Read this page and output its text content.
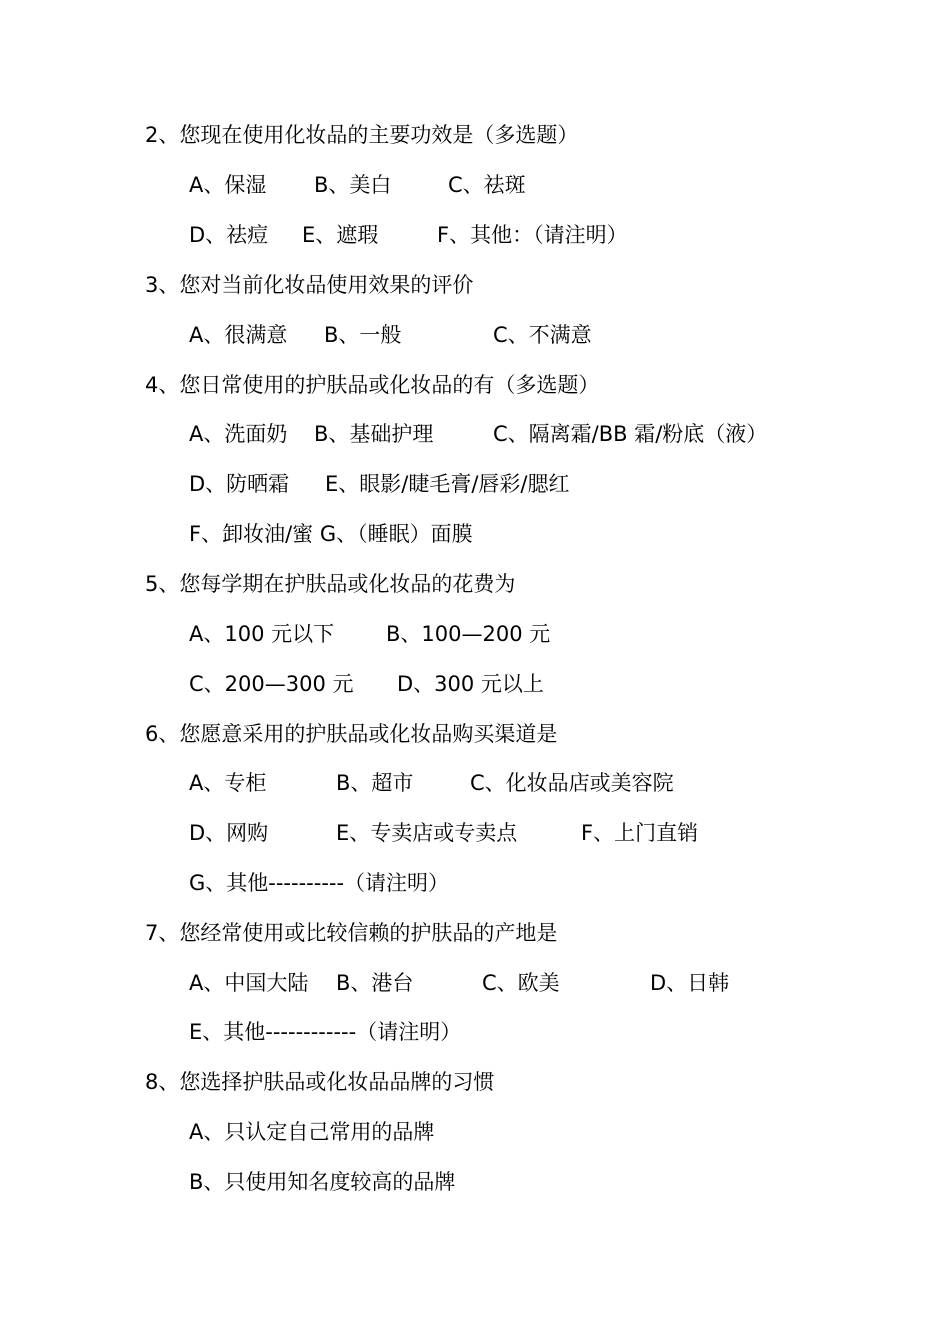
2、您现在使用化妆品的主要功效是（多选题）
A、保湿 B、美白	C、祛斑
D、祛痘 E、遮瑕	F、其他：（请注明）
3、您对当前化妆品使用效果的评价
A、很满意 B、一般	C、不满意
4、您日常使用的护肤品或化妆品的有（多选题）
A、洗面奶 B、基础护理	C、隔离霜/BB 霜/粉底（液）
D、防晒霜 E、眼影/睫毛膏/唇彩/腮红
F、卸妆油/蜜 G、（睡眠）面膜
5、您每学期在护肤品或化妆品的花费为
A、100 元以下 B、100—200 元
C、200—300 元 D、300 元以上
6、您愿意采用的护肤品或化妆品购买渠道是
A、专柜	B、超市	C、化妆品店或美容院
D、网购	E、专卖店或专卖点	F、上门直销
G、其他----------（请注明）
7、您经常使用或比较信赖的护肤品的产地是
A、中国大陆 B、港台	C、欧美	D、日韩
E、其他------------（请注明）
8、您选择护肤品或化妆品品牌的习惯
A、只认定自己常用的品牌
B、只使用知名度较高的品牌
